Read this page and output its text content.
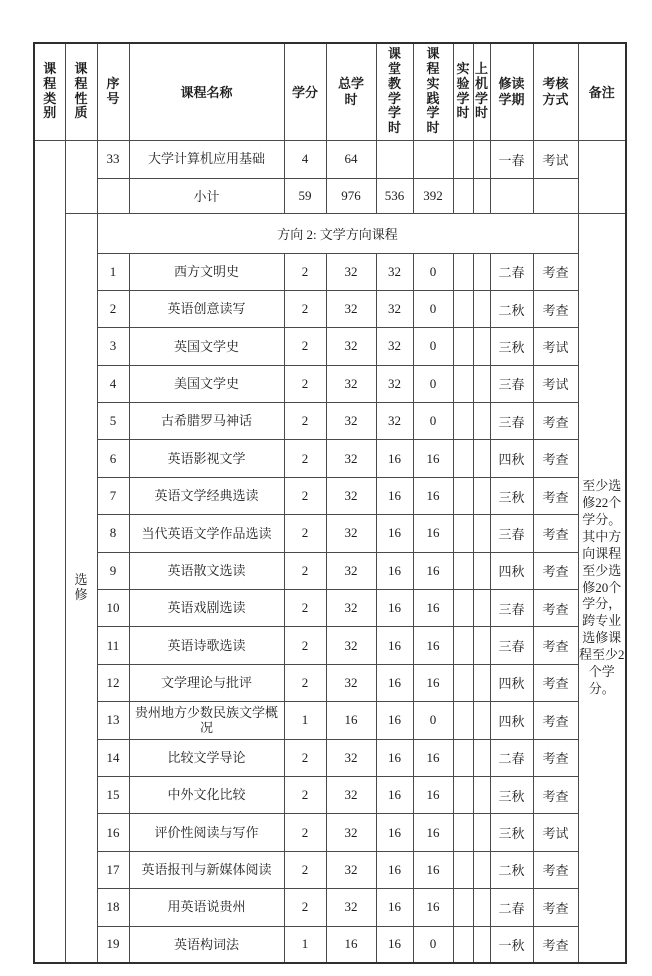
课程类别	课程性质	序号	课程名称	学分	总学时	课堂教学学时	课程实践学时	实验学时	上机学时	修读学期	考核方式	备注
		33	大学计算机应用基础	4	64					一春	考试	
			小计	59	976	536	392					
	选修	方向 2: 文学方向课程										至少选修22个学分。其中方向课程至少选修20个学分，跨专业选修课程至少2个学分。
		1	西方文明史	2	32	32	0			二春	考查	
		2	英语创意读写	2	32	32	0			二秋	考查	
		3	英国文学史	2	32	32	0			三秋	考试	
		4	美国文学史	2	32	32	0			三春	考试	
		5	古希腊罗马神话	2	32	32	0			三春	考查	
		6	英语影视文学	2	32	16	16			四秋	考查	
		7	英语文学经典选读	2	32	16	16			三秋	考查	
		8	当代英语文学作品选读	2	32	16	16			三春	考查	
		9	英语散文选读	2	32	16	16			四秋	考查	
		10	英语戏剧选读	2	32	16	16			三春	考查	
		11	英语诗歌选读	2	32	16	16			三春	考查	
		12	文学理论与批评	2	32	16	16			四秋	考查	
		13	贵州地方少数民族文学概况	1	16	16	0			四秋	考查	
		14	比较文学导论	2	32	16	16			二春	考查	
		15	中外文化比较	2	32	16	16			三秋	考查	
		16	评价性阅读与写作	2	32	16	16			三秋	考试	
		17	英语报刊与新媒体阅读	2	32	16	16			二秋	考查	
		18	用英语说贵州	2	32	16	16			二春	考查	
		19	英语构词法	1	16	16	0			一秋	考查	
